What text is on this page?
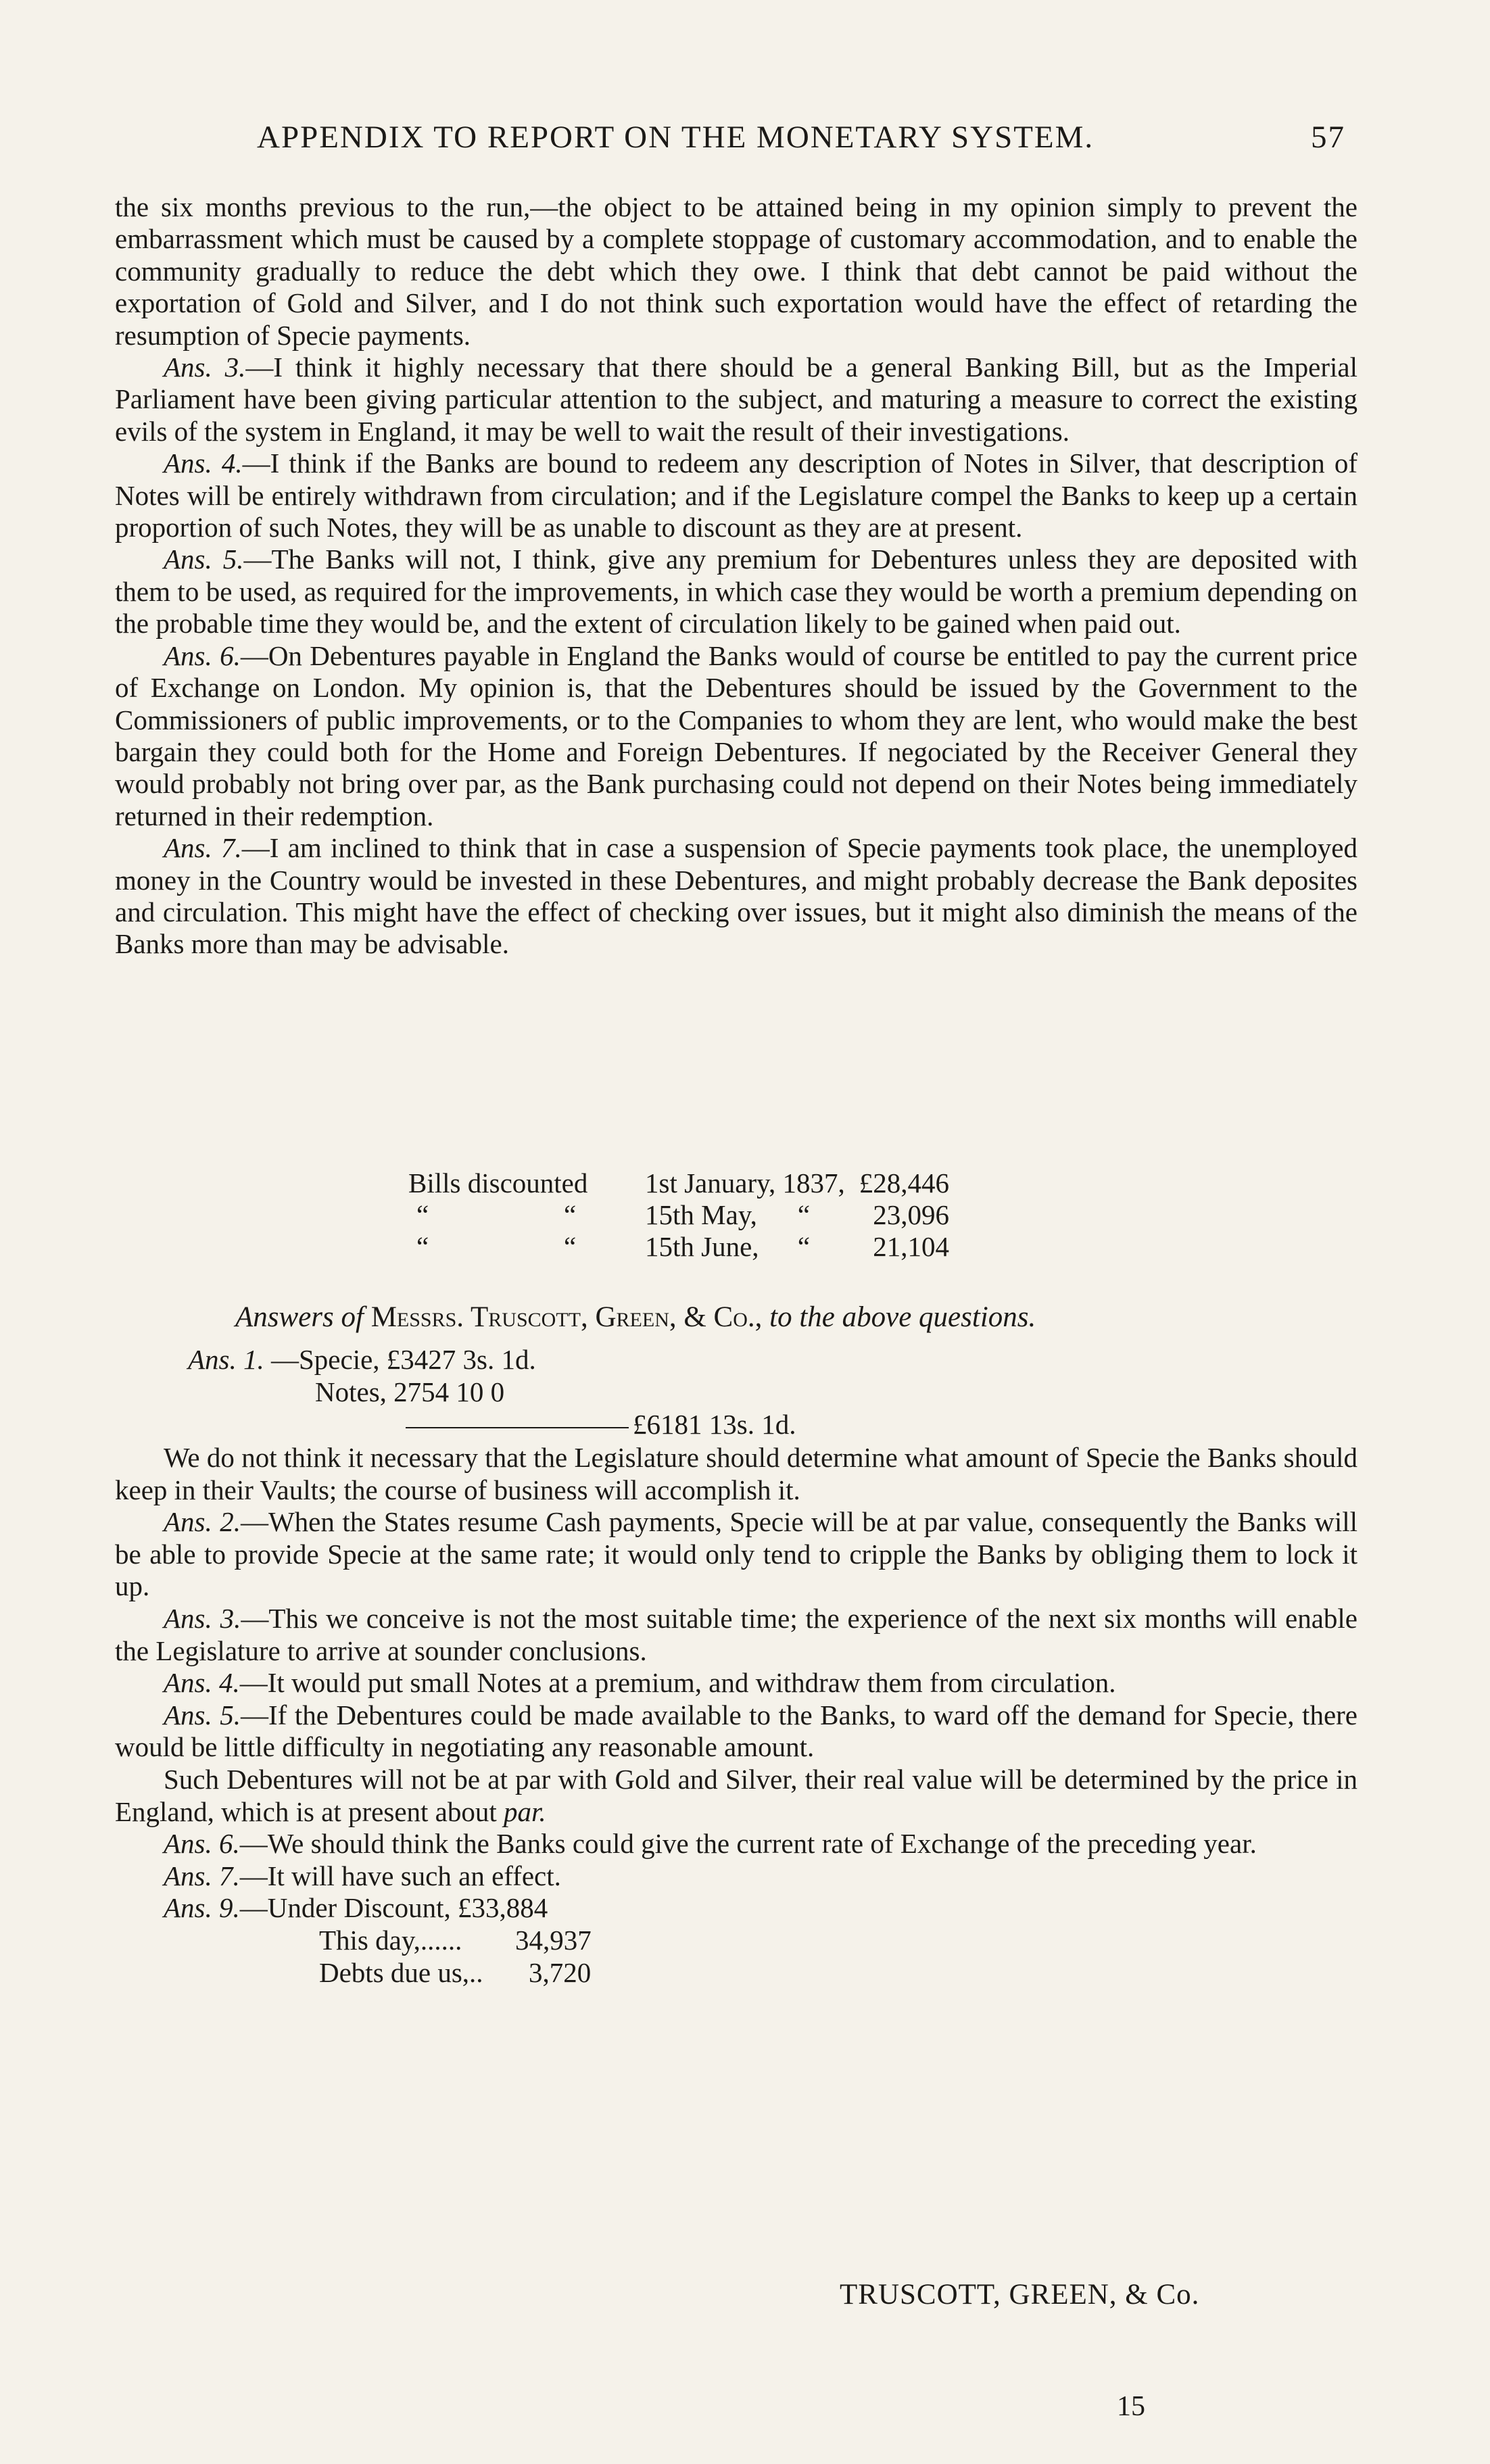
APPENDIX TO REPORT ON THE MONETARY SYSTEM.	57

the six months previous to the run,—the object to be attained being in my opinion simply to prevent the embarrassment which must be caused by a complete stoppage of customary accommodation, and to enable the community gradually to reduce the debt which they owe. I think that debt cannot be paid without the exportation of Gold and Silver, and I do not think such exportation would have the effect of retarding the resumption of Specie payments.

Ans. 3.—I think it highly necessary that there should be a general Banking Bill, but as the Imperial Parliament have been giving particular attention to the subject, and maturing a measure to correct the existing evils of the system in England, it may be well to wait the result of their investigations.

Ans. 4.—I think if the Banks are bound to redeem any description of Notes in Silver, that description of Notes will be entirely withdrawn from circulation; and if the Legislature compel the Banks to keep up a certain proportion of such Notes, they will be as unable to discount as they are at present.

Ans. 5.—The Banks will not, I think, give any premium for Debentures unless they are deposited with them to be used, as required for the improvements, in which case they would be worth a premium depending on the probable time they would be, and the extent of circulation likely to be gained when paid out.

Ans. 6.—On Debentures payable in England the Banks would of course be entitled to pay the current price of Exchange on London. My opinion is, that the Debentures should be issued by the Government to the Commissioners of public improvements, or to the Companies to whom they are lent, who would make the best bargain they could both for the Home and Foreign Debentures. If negociated by the Receiver General they would probably not bring over par, as the Bank purchasing could not depend on their Notes being immediately returned in their redemption.

Ans. 7.—I am inclined to think that in case a suspension of Specie payments took place, the unemployed money in the Country would be invested in these Debentures, and might probably decrease the Bank deposites and circulation. This might have the effect of checking over issues, but it might also diminish the means of the Banks more than may be advisable.

Bills discounted 1st January, 1837, £28,446
“	“	15th May,	“	23,096
“	“	15th June,	“	21,104
Answers of Messrs. Truscott, Green, & Co., to the above questions.
Ans. 1. —Specie, £3427 3s. 1d.
Notes, 2754 10 0
£6181 13s. 1d.

We do not think it necessary that the Legislature should determine what amount of Specie the Banks should keep in their Vaults; the course of business will accomplish it.

Ans. 2.—When the States resume Cash payments, Specie will be at par value, consequently the Banks will be able to provide Specie at the same rate; it would only tend to cripple the Banks by obliging them to lock it up.

Ans. 3.—This we conceive is not the most suitable time; the experience of the next six months will enable the Legislature to arrive at sounder conclusions.

Ans. 4.—It would put small Notes at a premium, and withdraw them from circulation.

Ans. 5.—If the Debentures could be made available to the Banks, to ward off the demand for Specie, there would be little difficulty in negotiating any reasonable amount.

Such Debentures will not be at par with Gold and Silver, their real value will be determined by the price in England, which is at present about par.

Ans. 6.—We should think the Banks could give the current rate of Exchange of the preceding year.

Ans. 7.—It will have such an effect.

Ans. 9.—Under Discount, £33,884
This day,...... 34,937
Debts due us,.. 3,720
TRUSCOTT, GREEN, & Co.
15
